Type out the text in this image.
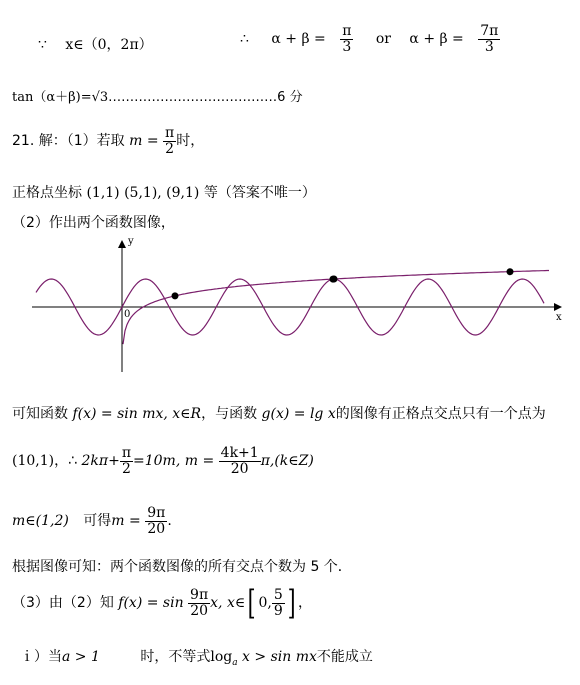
∵ x∈（0，2π）	∴ $\alpha + \beta = \frac{\pi}{3}$ or $\alpha + \beta = \frac{7\pi}{3}$
tan（α＋β)=√3…………………………………6 分
21. 解：（1）若取 $m = \frac{\pi}{2}$ 时，
正格点坐标 (1,1) (5,1), (9,1) 等（答案不唯一）
（2）作出两个函数图像，
y
x
0
可知函数 f(x) = sin mx, x∈R，与函数 g(x) = lg x的图像有正格点交点只有一个点为
(10,1)，∴ $2k\pi+ \frac{\pi}{2} =10m$, $m = \frac{4k+1}{20}$ π,(k∈Z)
m∈(1,2) 可得$m = \frac{9\pi}{20}$ .
根据图像可知：两个函数图像的所有交点个数为 5 个．
（3）由（2）知 $f(x) = \sin \frac{9\pi}{20} x$, x∈[ 0, $\frac{5}{9}$ ] ，
ｉ）当a > 1	时，不等式$\log_a x > \sin$ mx不能成立
